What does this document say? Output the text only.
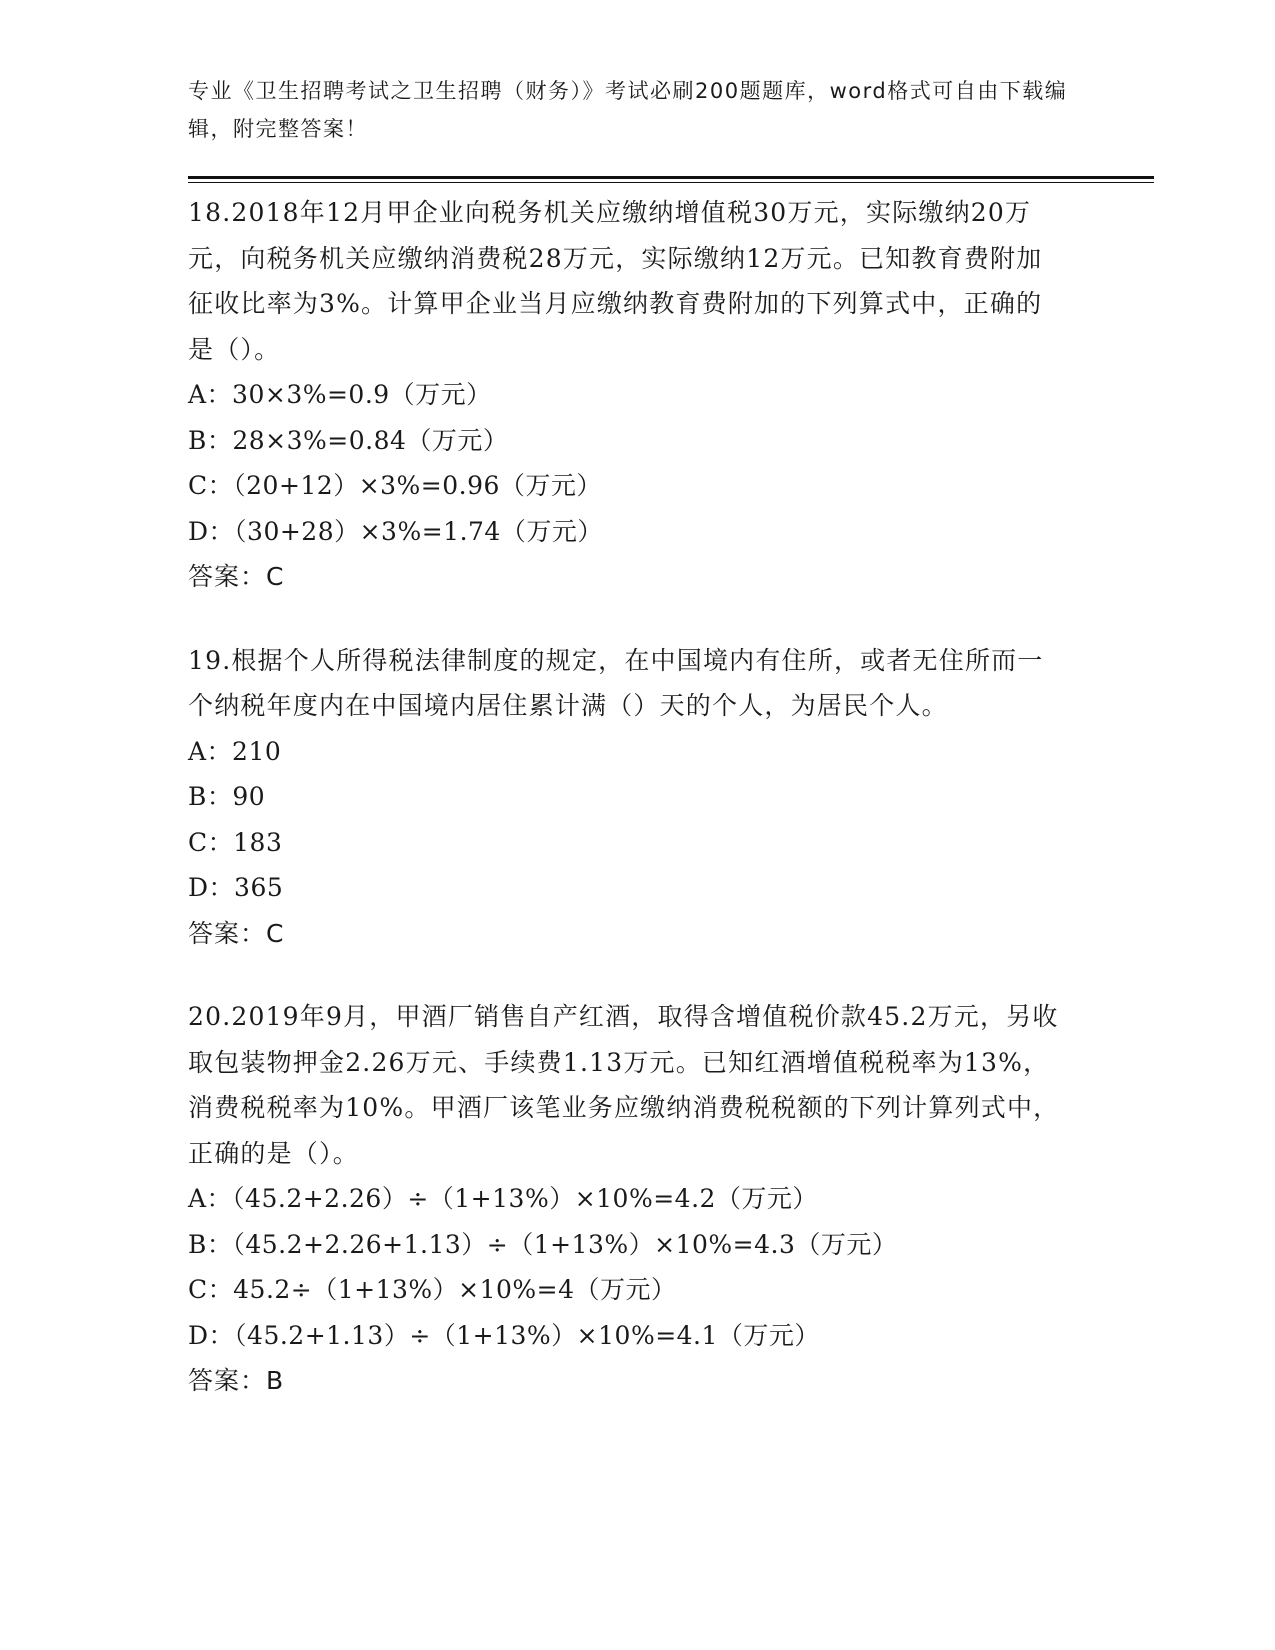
专业《卫生招聘考试之卫生招聘（财务）》考试必刷200题题库，word格式可自由下载编辑，附完整答案！

18.2018年12月甲企业向税务机关应缴纳增值税30万元，实际缴纳20万元，向税务机关应缴纳消费税28万元，实际缴纳12万元。已知教育费附加征收比率为3%。计算甲企业当月应缴纳教育费附加的下列算式中，正确的是（）。

A：30×3%=0.9（万元）
B：28×3%=0.84（万元）
C：（20+12）×3%=0.96（万元）
D：（30+28）×3%=1.74（万元）
答案：C

19.根据个人所得税法律制度的规定，在中国境内有住所，或者无住所而一个纳税年度内在中国境内居住累计满（）天的个人，为居民个人。

A：210
B：90
C：183
D：365
答案：C

20.2019年9月，甲酒厂销售自产红酒，取得含增值税价款45.2万元，另收取包装物押金2.26万元、手续费1.13万元。已知红酒增值税税率为13%，消费税税率为10%。甲酒厂该笔业务应缴纳消费税税额的下列计算列式中，正确的是（）。

A：（45.2+2.26）÷（1+13%）×10%=4.2（万元）
B：（45.2+2.26+1.13）÷（1+13%）×10%=4.3（万元）
C：45.2÷（1+13%）×10%=4（万元）
D：（45.2+1.13）÷（1+13%）×10%=4.1（万元）
答案：B
